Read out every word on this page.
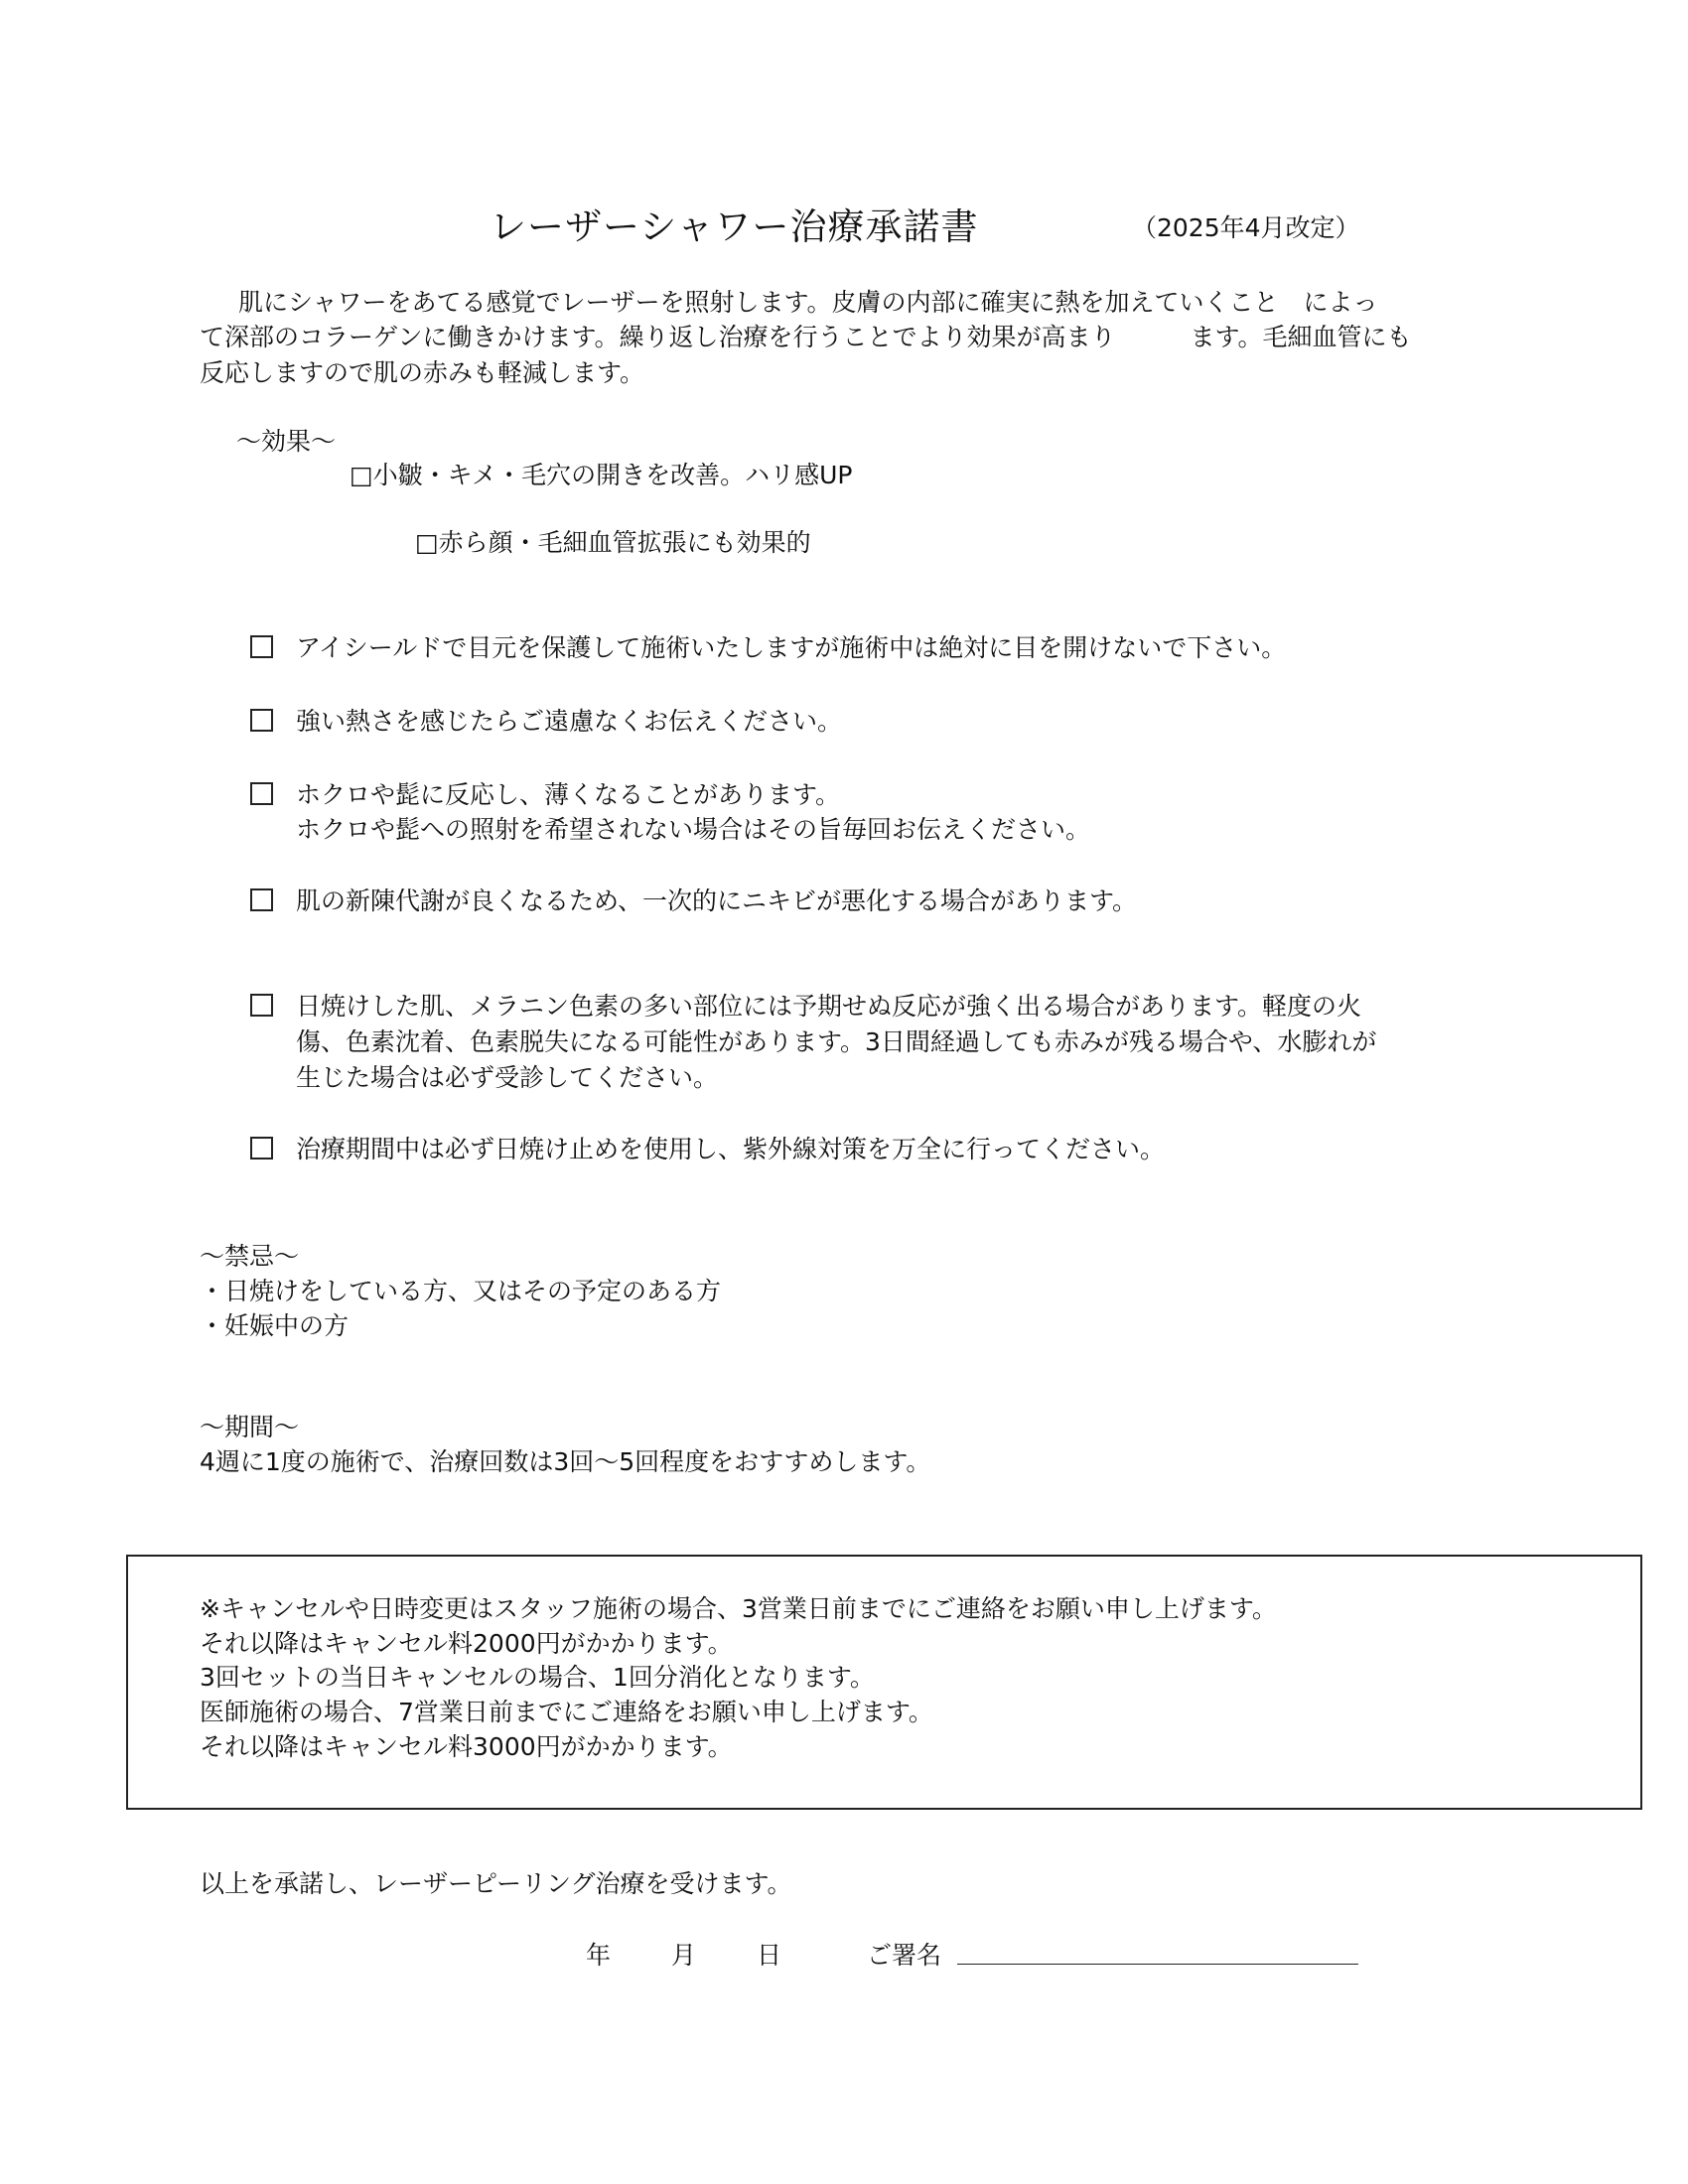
レーザーシャワー治療承諾書	（2025年4月改定）
肌にシャワーをあてる感覚でレーザーを照射します。皮膚の内部に確実に熱を加えていくこと　によっ
て深部のコラーゲンに働きかけます。繰り返し治療を行うことでより効果が高まり　　　ます。毛細血管にも
反応しますので肌の赤みも軽減します。
～効果～
□小皺・キメ・毛穴の開きを改善。ハリ感UP
□赤ら顔・毛細血管拡張にも効果的
アイシールドで目元を保護して施術いたしますが施術中は絶対に目を開けないで下さい。
強い熱さを感じたらご遠慮なくお伝えください。
ホクロや髭に反応し、薄くなることがあります。
ホクロや髭への照射を希望されない場合はその旨毎回お伝えください。
肌の新陳代謝が良くなるため、一次的にニキビが悪化する場合があります。
日焼けした肌、メラニン色素の多い部位には予期せぬ反応が強く出る場合があります。軽度の火
傷、色素沈着、色素脱失になる可能性があります。3日間経過しても赤みが残る場合や、水膨れが
生じた場合は必ず受診してください。
治療期間中は必ず日焼け止めを使用し、紫外線対策を万全に行ってください。
～禁忌～
・日焼けをしている方、又はその予定のある方
・妊娠中の方
～期間～
4週に1度の施術で、治療回数は3回～5回程度をおすすめします。
※キャンセルや日時変更はスタッフ施術の場合、3営業日前までにご連絡をお願い申し上げます。
それ以降はキャンセル料2000円がかかります。
3回セットの当日キャンセルの場合、1回分消化となります。
医師施術の場合、7営業日前までにご連絡をお願い申し上げます。
それ以降はキャンセル料3000円がかかります。
以上を承諾し、レーザーピーリング治療を受けます。
年 月 日	ご署名
